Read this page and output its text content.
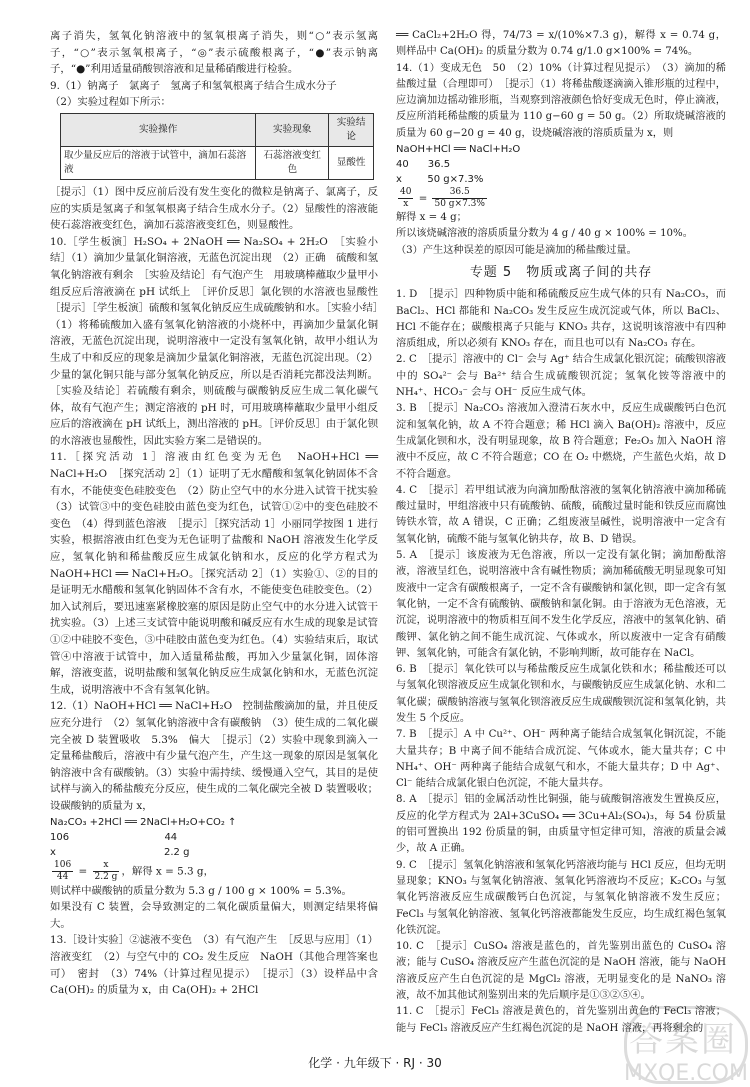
离子消失，氢氧化钠溶液中的氢氧根离子消失，则“○”表示氢离子，“○”表示氢氧根离子，“◎”表示硫酸根离子，“●”表示钠离子，“●”利用适量硝酸钡溶液和足量稀硝酸进行检验。

9.（1）钠离子　氯离子　氢离子和氢氧根离子结合生成水分子

（2）实验过程如下所示：

实验操作	实验现象	实验结论
取少量反应后的溶液于试管中，滴加石蕊溶液	石蕊溶液变红色	显酸性

［提示］（1）图中反应前后没有发生变化的微粒是钠离子、氯离子，反应的实质是氢离子和氢氧根离子结合生成水分子。（2）显酸性的溶液能使石蕊溶液变红色，滴加石蕊溶液变红色，则显酸性。

10.［学生板演］H₂SO₄ + 2NaOH ══ Na₂SO₄ + 2H₂O　［实验小结］（1）滴加少量氯化铜溶液，无蓝色沉淀出现　（2）正确　硫酸和氢氧化钠溶液有剩余　［实验及结论］有气泡产生　用玻璃棒蘸取少量甲小组反应后溶液滴在 pH 试纸上　［评价反思］氯化钡的水溶液也显酸性　［提示］［学生板演］硫酸和氢氧化钠反应生成硫酸钠和水。［实验小结］（1）将稀硫酸加入盛有氢氧化钠溶液的小烧杯中，再滴加少量氯化铜溶液，无蓝色沉淀出现，说明溶液中一定没有氢氧化钠，故甲小组认为生成了中和反应的现象是滴加少量氯化铜溶液，无蓝色沉淀出现。（2）少量的氯化铜只能与部分氢氧化钠反应，所以是否消耗完都没法判断。［实验及结论］若硫酸有剩余，则硫酸与碳酸钠反应生成二氧化碳气体，故有气泡产生；测定溶液的 pH 时，可用玻璃棒蘸取少量甲小组反应后的溶液滴在 pH 试纸上，测出溶液的 pH。［评价反思］由于氯化钡的水溶液也显酸性，因此实验方案二是错误的。

11.［探究活动 1］溶液由红色变为无色　NaOH+HCl ══ NaCl+H₂O　［探究活动 2］（1）证明了无水醋酸和氢氧化钠固体不含有水，不能使变色硅胶变色　（2）防止空气中的水分进入试管干扰实验　（3）试管③中的变色硅胶由蓝色变为红色，试管①②中的变色硅胶不变色　（4）得到蓝色溶液　［提示］［探究活动 1］小丽同学按图 1 进行实验，根据溶液由红色变为无色证明了盐酸和 NaOH 溶液发生化学反应，氢氧化钠和稀盐酸反应生成氯化钠和水，反应的化学方程式为 NaOH+HCl ══ NaCl+H₂O。［探究活动 2］（1）实验①、②的目的是证明无水醋酸和氢氧化钠固体不含有水，不能使变色硅胶变色。（2）加入试剂后，要迅速塞紧橡胶塞的原因是防止空气中的水分进入试管干扰实验。（3）上述三支试管中能说明酸和碱反应有水生成的现象是试管①②中硅胶不变色，③中硅胶由蓝色变为红色。（4）实验结束后，取试管④中溶液于试管中，加入适量稀盐酸，再加入少量氯化铜，固体溶解，溶液变蓝，说明盐酸和氢氧化钠反应生成氯化钠和水，无蓝色沉淀生成，说明溶液中不含有氢氧化钠。

12.（1）NaOH+HCl ══ NaCl+H₂O　控制盐酸滴加的量，并且使反应充分进行　（2）氢氧化钠溶液中含有碳酸钠　（3）使生成的二氧化碳完全被 D 装置吸收　5.3%　偏大　［提示］（2）实验中现象到滴入一定量稀盐酸后，溶液中有少量气泡产生，产生这一现象的原因是氢氧化钠溶液中含有碳酸钠。（3）实验中需持续、缓慢通入空气，其目的是使试样与滴入的稀盐酸充分反应，使生成的二氧化碳完全被 D 装置吸收；设碳酸钠的质量为 x，

Na₂CO₃ +2HCl ══ 2NaCl+H₂O+CO₂ ↑
106                              44
x                                  2.2 g

$\frac{106}{44} = \frac{x}{2.2 g}$ ，解得 x = 5.3 g，

则试样中碳酸钠的质量分数为 5.3 g / 100 g × 100% = 5.3%。

如果没有 C 装置，会导致测定的二氧化碳质量偏大，则测定结果将偏大。

13.［设计实验］②滤液不变色　（3）有气泡产生　［反思与应用］（1）溶液变红　（2）与空气中的 CO₂ 发生反应　NaOH（其他合理答案也可）　密封　（3）74%（计算过程见提示）　［提示］（3）设样品中含 Ca(OH)₂ 的质量为 x，由 Ca(OH)₂ + 2HCl

══ CaCl₂+2H₂O 得，74/73 = x/(10%×7.3 g)，解得 x = 0.74 g，则样品中 Ca(OH)₂ 的质量分数为 0.74 g/1.0 g×100% = 74%。

14.（1）变成无色　50　（2）10%（计算过程见提示）　（3）滴加的稀盐酸过量（合理即可）　［提示］（1）将稀盐酸逐滴滴入锥形瓶的过程中，应边滴加边摇动锥形瓶，当观察到溶液颜色恰好变成无色时，停止滴液，反应所消耗稀盐酸的质量为 110 g−60 g = 50 g。（2）所取烧碱溶液的质量为 60 g−20 g = 40 g，设烧碱溶液的溶质质量为 x，则

NaOH+HCl ══ NaCl+H₂O
40      36.5
x        50 g×7.3%

$\frac{40}{x} = \frac{36.5}{50 g\times 7.3\%}$

解得 x = 4 g；

所以该烧碱溶液的溶质质量分数为 4 g / 40 g × 100% = 10%。

（3）产生这种误差的原因可能是滴加的稀盐酸过量。

专题 5　物质或离子间的共存

1. D　［提示］四种物质中能和稀硫酸反应生成气体的只有 Na₂CO₃，而 BaCl₂、HCl 都能和 Na₂CO₃ 发生反应生成沉淀或气体，所以 BaCl₂、HCl 不能存在；碳酸根离子只能与 KNO₃ 共存，这说明该溶液中有四种溶质组成，所以必须有 KNO₃ 存在，而且也可以有 Na₂CO₃ 存在。

2. C　［提示］溶液中的 Cl⁻ 会与 Ag⁺ 结合生成氯化银沉淀；硫酸钡溶液中的 SO₄²⁻ 会与 Ba²⁺ 结合生成硫酸钡沉淀；氢氧化铵等溶液中的 NH₄⁺、HCO₃⁻ 会与 OH⁻ 反应生成气体。

3. B　［提示］Na₂CO₃ 溶液加入澄清石灰水中，反应生成碳酸钙白色沉淀和氢氧化钠，故 A 不符合题意；稀 HCl 滴入 Ba(OH)₂ 溶液中，反应生成氯化钡和水，没有明显现象，故 B 符合题意；Fe₂O₃ 加入 NaOH 溶液中不反应，故 C 不符合题意；CO 在 O₂ 中燃烧，产生蓝色火焰，故 D 不符合题意。

4. C　［提示］若甲组试液为向滴加酚酞溶液的氢氧化钠溶液中滴加稀硫酸过量时，甲组溶液中只有硫酸钠、硫酸，硫酸过量时能和铁反应而腐蚀铸铁水管，故 A 错误，C 正确；乙组废液呈碱性，说明溶液中一定含有氢氧化钠，硫酸不能与氢氧化钠共存，故 B、D 错误。

5. A　［提示］该废液为无色溶液，所以一定没有氯化铜；滴加酚酞溶液，溶液呈红色，说明溶液中含有碱性物质；滴加稀硫酸无明显现象可知废液中一定含有碳酸根离子，一定不含有碳酸钠和氯化钡，即一定含有氢氧化钠，一定不含有硫酸钠、碳酸钠和氯化铜。由于溶液为无色溶液，无沉淀，说明溶液中的物质相互间不发生化学反应，溶液中的氢氧化钠、硝酸钾、氯化钠之间不能生成沉淀、气体或水，所以废液中一定含有硝酸钾、氢氧化钠，可能含有氯化钠，不影响判断，故可能存在 NaCl。

6. B　［提示］氧化铁可以与稀盐酸反应生成氯化铁和水；稀盐酸还可以与氢氧化钡溶液反应生成氯化钡和水，与碳酸钠反应生成氯化钠、水和二氧化碳；碳酸钠溶液与氢氧化钡溶液反应生成碳酸钡沉淀和氢氧化钠，共发生 5 个反应。

7. B　［提示］A 中 Cu²⁺、OH⁻ 两种离子能结合成氢氧化铜沉淀，不能大量共存；B 中离子间不能结合成沉淀、气体或水，能大量共存；C 中 NH₄⁺、OH⁻ 两种离子能结合成氨气和水，不能大量共存；D 中 Ag⁺、Cl⁻ 能结合成氯化银白色沉淀，不能大量共存。

8. A　［提示］铝的金属活动性比铜强，能与硫酸铜溶液发生置换反应，反应的化学方程式为 2Al+3CuSO₄ ══ 3Cu+Al₂(SO₄)₃，每 54 份质量的铝可置换出 192 份质量的铜，由质量守恒定律可知，溶液的质量会减少，故 A 正确。

9. C　［提示］氢氧化钠溶液和氢氧化钙溶液均能与 HCl 反应，但均无明显现象；KNO₃ 与氢氧化钠溶液、氢氧化钙溶液均不反应；K₂CO₃ 与氢氧化钙溶液反应生成碳酸钙白色沉淀，与氢氧化钠溶液不发生反应；FeCl₃ 与氢氧化钠溶液、氢氧化钙溶液都能发生反应，均生成红褐色氢氧化铁沉淀。

10. C　［提示］CuSO₄ 溶液是蓝色的，首先鉴别出蓝色的 CuSO₄ 溶液；能与 CuSO₄ 溶液反应产生蓝色沉淀的是 NaOH 溶液，能与 NaOH 溶液反应产生白色沉淀的是 MgCl₂ 溶液，无明显变化的是 NaNO₃ 溶液，故不加其他试剂鉴别出来的先后顺序是①③②⑤④。

11. C　［提示］FeCl₃ 溶液是黄色的，首先鉴别出黄色的 FeCl₃ 溶液；能与 FeCl₃ 溶液反应产生红褐色沉淀的是 NaOH 溶液，再将剩余的

化学 · 九年级下 · RJ · 30
答案圈
MXQE.COM
